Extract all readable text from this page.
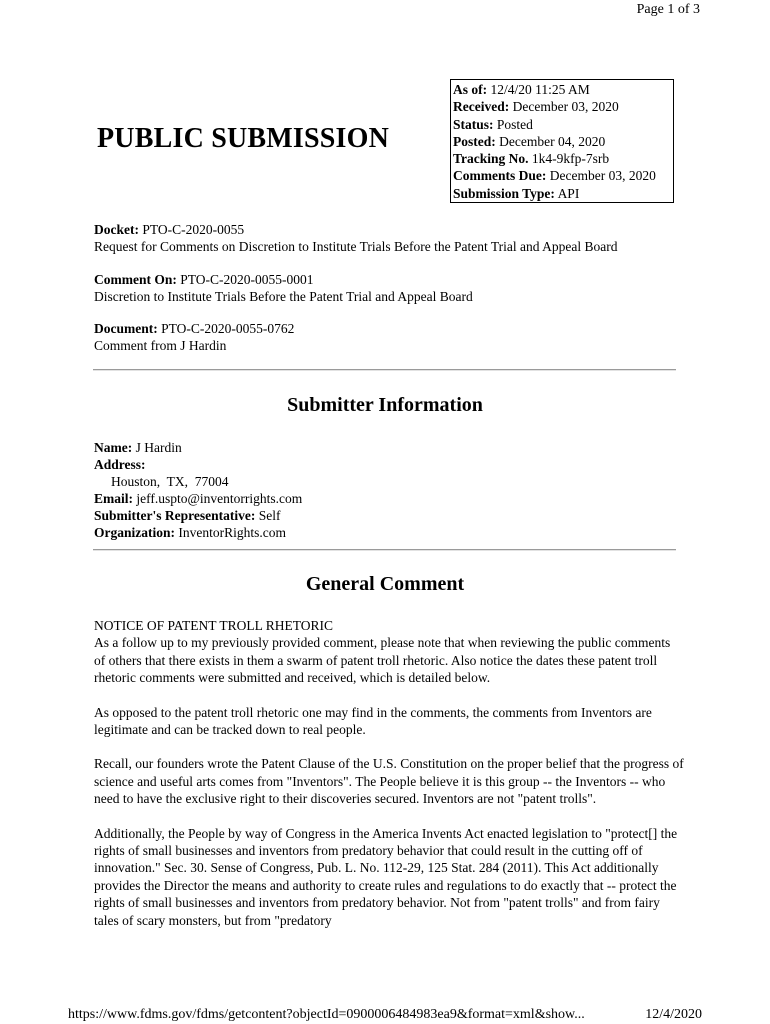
Page 1 of 3
PUBLIC SUBMISSION
As of: 12/4/20 11:25 AM
Received: December 03, 2020
Status: Posted
Posted: December 04, 2020
Tracking No. 1k4-9kfp-7srb
Comments Due: December 03, 2020
Submission Type: API
Docket: PTO-C-2020-0055
Request for Comments on Discretion to Institute Trials Before the Patent Trial and Appeal Board
Comment On: PTO-C-2020-0055-0001
Discretion to Institute Trials Before the Patent Trial and Appeal Board
Document: PTO-C-2020-0055-0762
Comment from J Hardin
Submitter Information
Name: J Hardin
Address:
Houston,  TX,  77004
Email: jeff.uspto@inventorrights.com
Submitter's Representative: Self
Organization: InventorRights.com
General Comment

NOTICE OF PATENT TROLL RHETORIC
As a follow up to my previously provided comment, please note that when reviewing the public comments of others that there exists in them a swarm of patent troll rhetoric. Also notice the dates these patent troll rhetoric comments were submitted and received, which is detailed below.

As opposed to the patent troll rhetoric one may find in the comments, the comments from Inventors are legitimate and can be tracked down to real people.

Recall, our founders wrote the Patent Clause of the U.S. Constitution on the proper belief that the progress of science and useful arts comes from "Inventors". The People believe it is this group -- the Inventors -- who need to have the exclusive right to their discoveries secured. Inventors are not "patent trolls".

Additionally, the People by way of Congress in the America Invents Act enacted legislation to "protect[] the rights of small businesses and inventors from predatory behavior that could result in the cutting off of innovation." Sec. 30. Sense of Congress, Pub. L. No. 112-29, 125 Stat. 284 (2011). This Act additionally provides the Director the means and authority to create rules and regulations to do exactly that -- protect the rights of small businesses and inventors from predatory behavior. Not from "patent trolls" and from fairy tales of scary monsters, but from "predatory

https://www.fdms.gov/fdms/getcontent?objectId=0900006484983ea9&format=xml&show...	12/4/2020
